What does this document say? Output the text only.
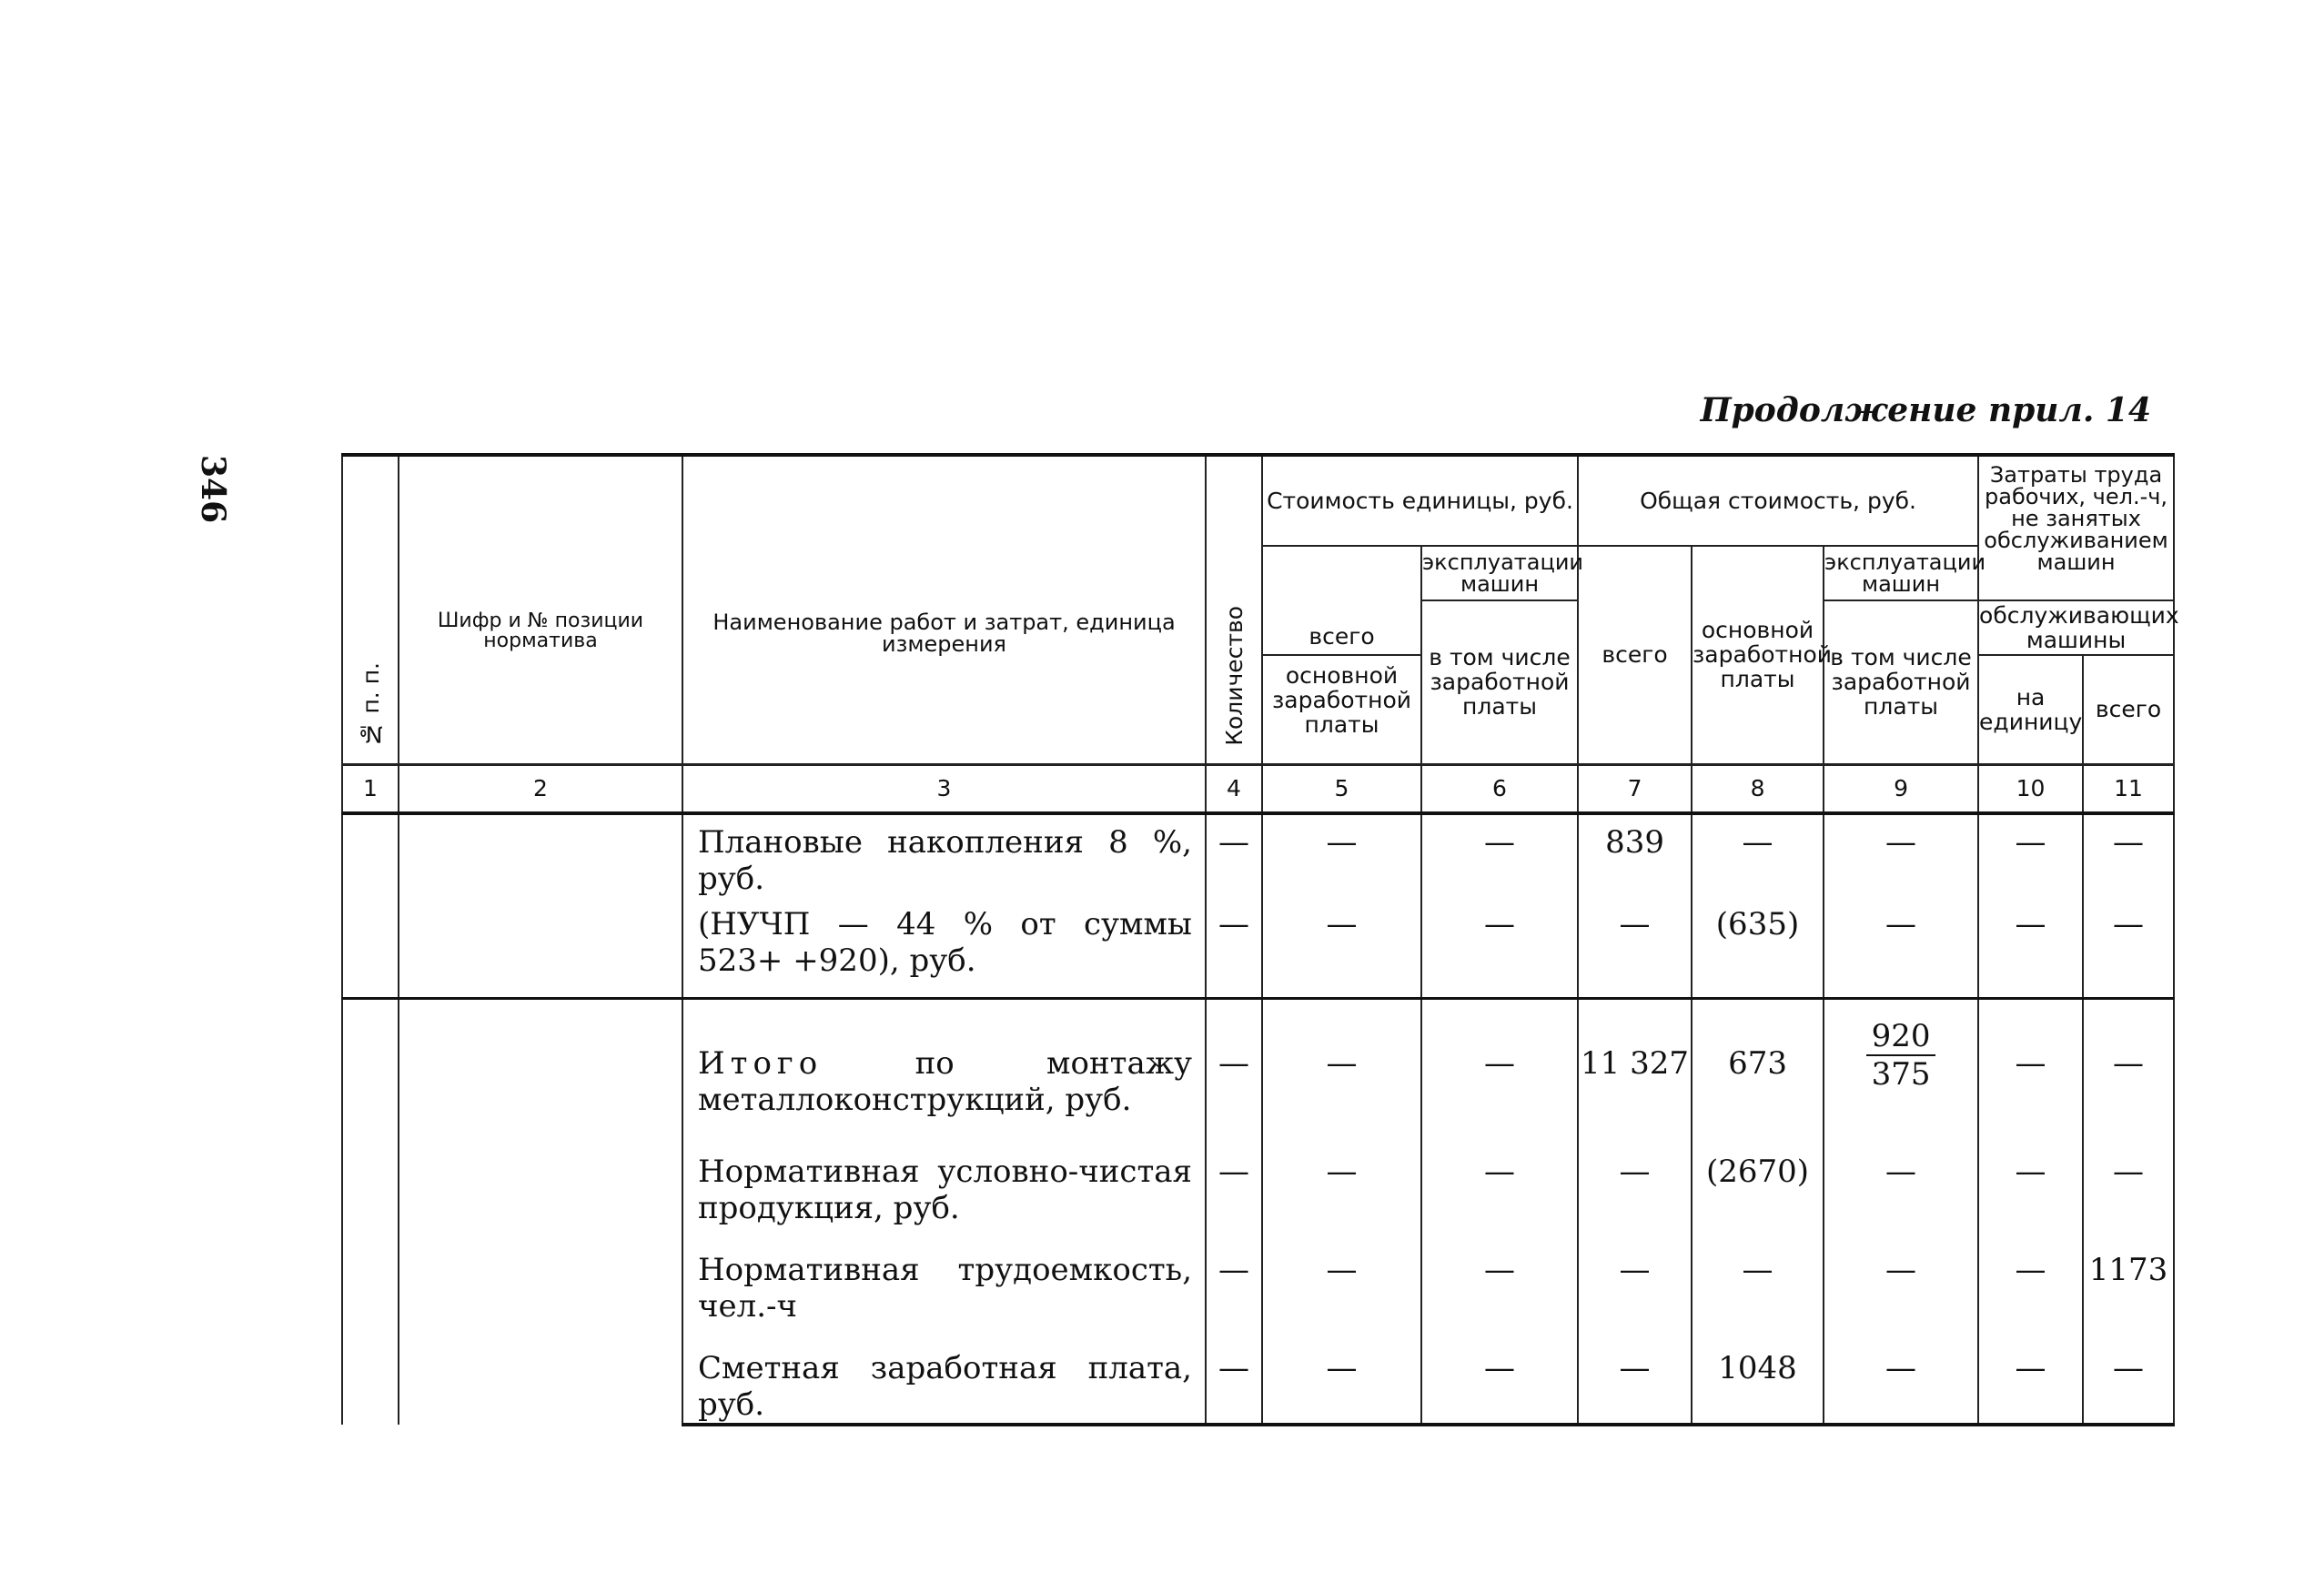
346
Продолжение прил. 14
№ п. п.	Шифр и № позиции норматива	Наименование работ и затрат, единица измерения	Количество	Стоимость единицы, руб.		Общая стоимость, руб.			Затраты труда рабочих, чел.-ч, не занятых обслуживанием машин	
				всего	эксплуатации машин	всего	основной заработной платы	эксплуатации машин		
					в том числе заработной платы			в том числе заработной платы	обслуживающих машины	
				основной заработной платы					на единицу	всего
1	2	3	4	5	6	7	8	9	10	11
		Плановые накопления 8 %, руб.	—	—	—	839	—	—	—	—
		(НУЧП — 44 % от суммы 523+ +920), руб.	—	—	—	—	(635)	—	—	—
		Итого по монтажу металлоконструкций, руб.	—	—	—	11 327	673	$\frac{920}{375}$	—	—
		Нормативная условно-чистая продукция, руб.	—	—	—	—	(2670)	—	—	—
		Нормативная трудоемкость, чел.-ч	—	—	—	—	—	—	—	1173
		Сметная заработная плата, руб.	—	—	—	—	1048	—	—	—
